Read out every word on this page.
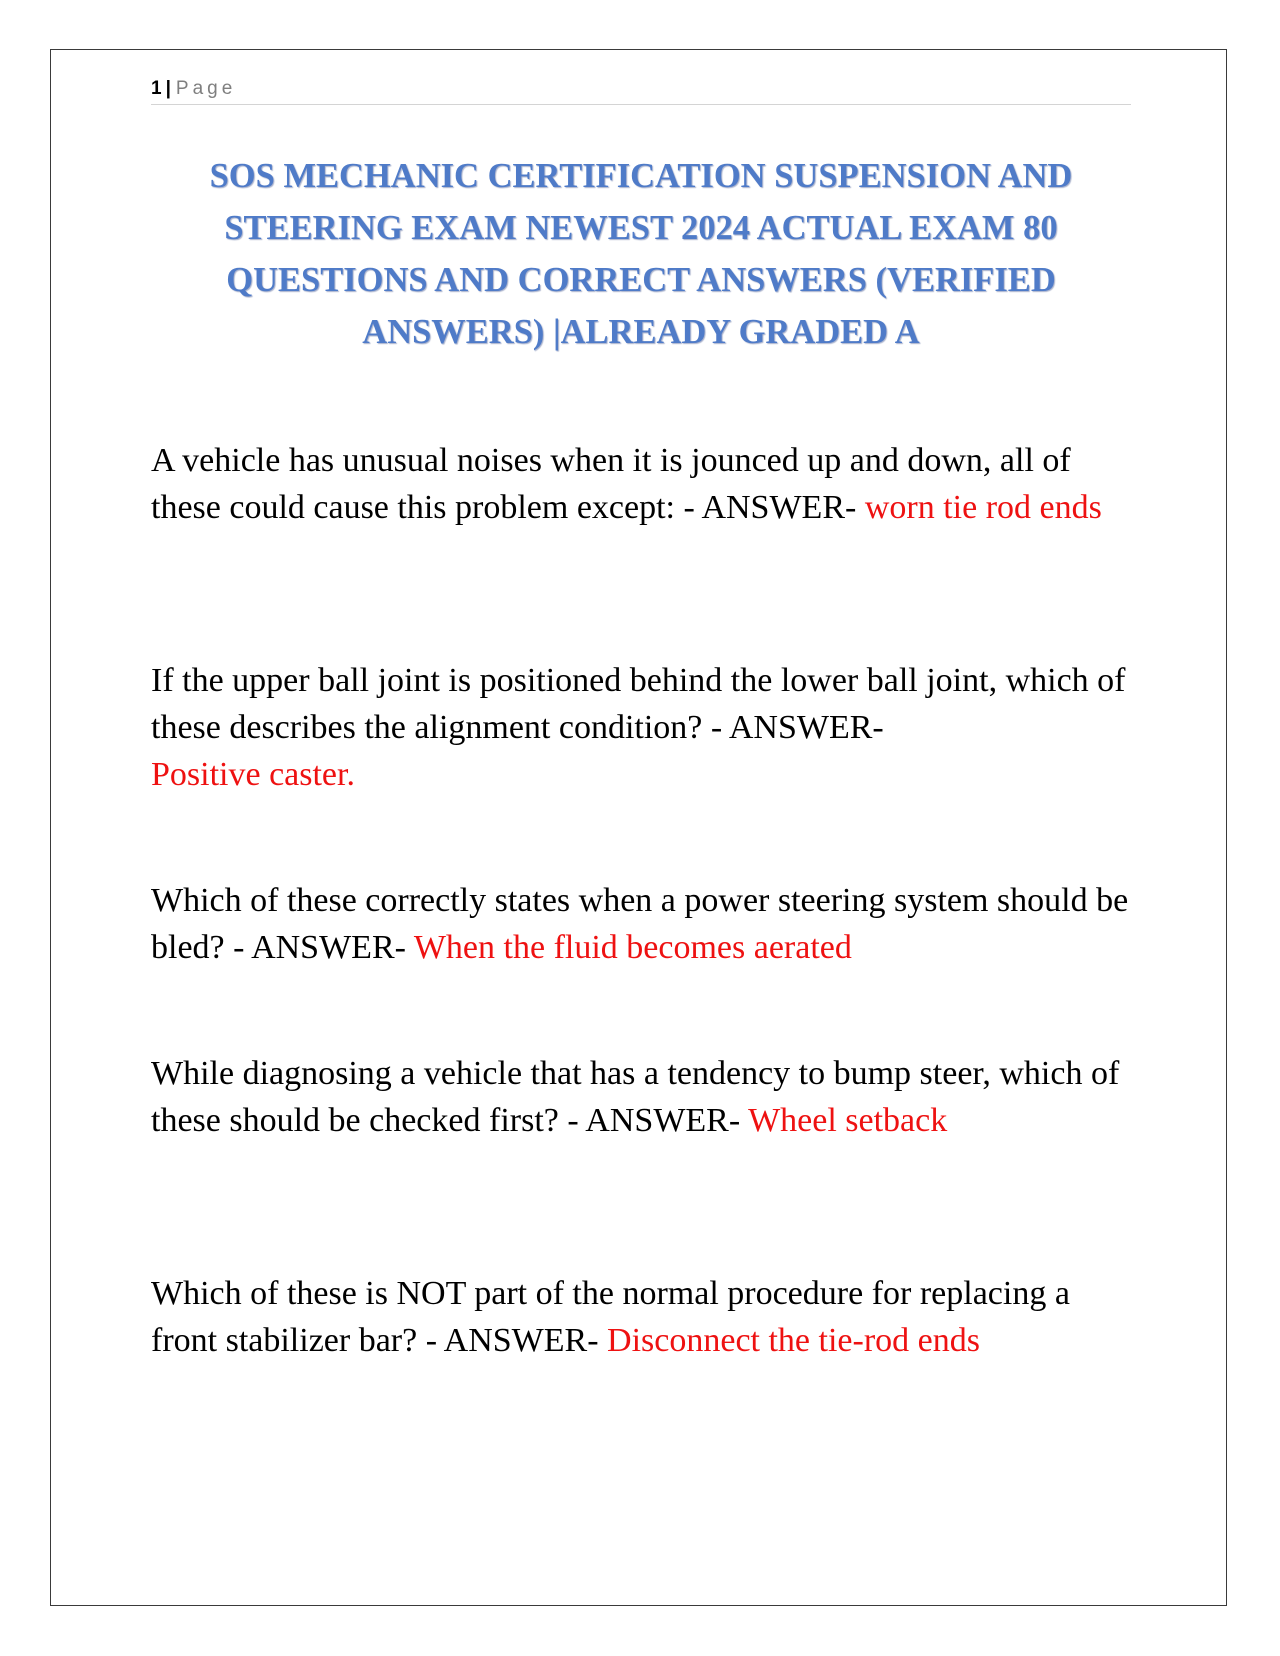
1 | Page
SOS MECHANIC CERTIFICATION SUSPENSION AND STEERING EXAM NEWEST 2024 ACTUAL EXAM 80 QUESTIONS AND CORRECT ANSWERS (VERIFIED ANSWERS) |ALREADY GRADED A

A vehicle has unusual noises when it is jounced up and down, all of these could cause this problem except: - ANSWER- worn tie rod ends

If the upper ball joint is positioned behind the lower ball joint, which of these describes the alignment condition? - ANSWER-
Positive caster.

Which of these correctly states when a power steering system should be bled? - ANSWER- When the fluid becomes aerated

While diagnosing a vehicle that has a tendency to bump steer, which of these should be checked first? - ANSWER- Wheel setback

Which of these is NOT part of the normal procedure for replacing a front stabilizer bar? - ANSWER- Disconnect the tie-rod ends
